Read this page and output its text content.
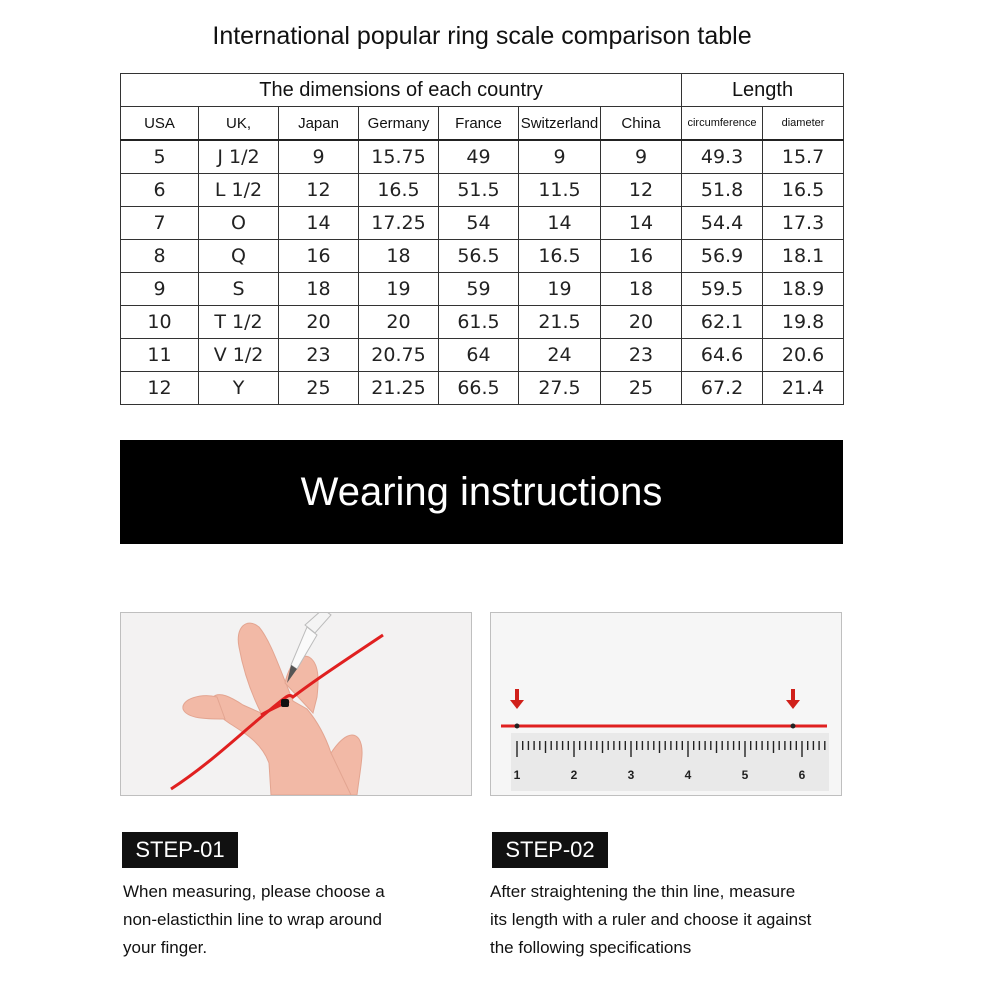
International popular ring scale comparison table
The dimensions of each country							Length	
USA	UK,	Japan	Germany	France	Switzerland	China	circumference	diameter
5	J 1/2	9	15.75	49	9	9	49.3	15.7
6	L 1/2	12	16.5	51.5	11.5	12	51.8	16.5
7	O	14	17.25	54	14	14	54.4	17.3
8	Q	16	18	56.5	16.5	16	56.9	18.1
9	S	18	19	59	19	18	59.5	18.9
10	T 1/2	20	20	61.5	21.5	20	62.1	19.8
11	V 1/2	23	20.75	64	24	23	64.6	20.6
12	Y	25	21.25	66.5	27.5	25	67.2	21.4
Wearing instructions
1	2	3	4	5	6
STEP-01	STEP-02
When measuring, please choose a
non-elasticthin line to wrap around
your finger.
After straightening the thin line, measure
its length with a ruler and choose it against
the following specifications
